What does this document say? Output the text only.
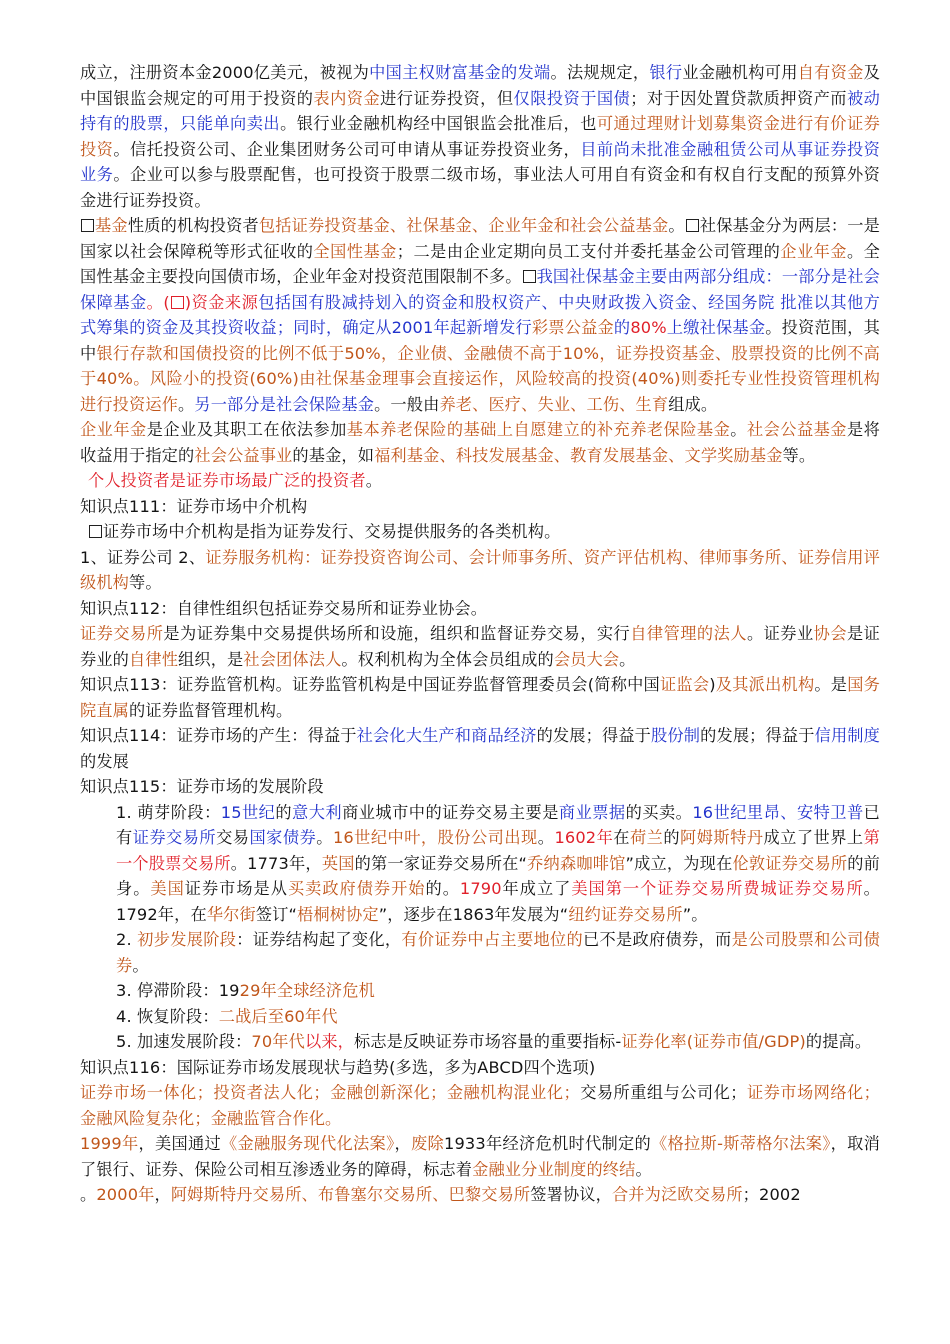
成立，注册资本金2000亿美元，被视为中国主权财富基金的发端。法规规定，银行业金融机构可用自有资金及中国银监会规定的可用于投资的表内资金进行证券投资，但仅限投资于国债；对于因处置贷款质押资产而被动持有的股票，只能单向卖出。银行业金融机构经中国银监会批准后，也可通过理财计划募集资金进行有价证券投资。信托投资公司、企业集团财务公司可申请从事证券投资业务，目前尚未批准金融租赁公司从事证券投资业务。企业可以参与股票配售，也可投资于股票二级市场，事业法人可用自有资金和有权自行支配的预算外资金进行证券投资。
基金性质的机构投资者包括证券投资基金、社保基金、企业年金和社会公益基金。 社保基金分为两层：一是国家以社会保障税等形式征收的全国性基金；二是由企业定期向员工支付并委托基金公司管理的企业年金。全国性基金主要投向国债市场，企业年金对投资范围限制不多。 我国社保基金主要由两部分组成：一部分是社会保障基金。( )资金来源包括国有股减持划入的资金和股权资产、中央财政拨入资金、经国务院 批准以其他方式筹集的资金及其投资收益；同时，确定从2001年起新增发行彩票公益金的80%上缴社保基金。投资范围，其中银行存款和国债投资的比例不低于50%，企业债、金融债不高于10%，证券投资基金、股票投资的比例不高于40%。风险小的投资(60%)由社保基金理事会直接运作，风险较高的投资(40%)则委托专业性投资管理机构进行投资运作。另一部分是社会保险基金。一般由养老、医疗、失业、工伤、生育组成。
企业年金是企业及其职工在依法参加基本养老保险的基础上自愿建立的补充养老保险基金。社会公益基金是将收益用于指定的社会公益事业的基金，如福利基金、科技发展基金、教育发展基金、文学奖励基金等。
个人投资者是证券市场最广泛的投资者。
知识点111：证券市场中介机构
证券市场中介机构是指为证券发行、交易提供服务的各类机构。
1、证券公司 2、证券服务机构：证券投资咨询公司、会计师事务所、资产评估机构、律师事务所、证券信用评级机构等。
知识点112：自律性组织包括证券交易所和证券业协会。
证券交易所是为证券集中交易提供场所和设施，组织和监督证券交易，实行自律管理的法人。证券业协会是证券业的自律性组织，是社会团体法人。权利机构为全体会员组成的会员大会。
知识点113：证券监管机构。证券监管机构是中国证券监督管理委员会(简称中国证监会)及其派出机构。是国务院直属的证券监督管理机构。
知识点114：证券市场的产生：得益于社会化大生产和商品经济的发展；得益于股份制的发展；得益于信用制度的发展
知识点115：证券市场的发展阶段
1. 萌芽阶段：15世纪的意大利商业城市中的证券交易主要是商业票据的买卖。16世纪里昂、安特卫普已有证券交易所交易国家债券。16世纪中叶，股份公司出现。1602年在荷兰的阿姆斯特丹成立了世界上第一个股票交易所。1773年，英国的第一家证券交易所在“乔纳森咖啡馆”成立，为现在伦敦证券交易所的前身。美国证券市场是从买卖政府债券开始的。1790年成立了美国第一个证券交易所费城证券交易所。1792年，在华尔街签订“梧桐树协定”，逐步在1863年发展为“纽约证券交易所”。
2. 初步发展阶段：证券结构起了变化，有价证券中占主要地位的已不是政府债券，而是公司股票和公司债券。
3. 停滞阶段：1929年全球经济危机
4. 恢复阶段：二战后至60年代
5. 加速发展阶段：70年代以来，标志是反映证券市场容量的重要指标-证券化率(证券市值/GDP)的提高。
知识点116：国际证券市场发展现状与趋势(多选，多为ABCD四个选项)
证券市场一体化；投资者法人化；金融创新深化；金融机构混业化；交易所重组与公司化；证券市场网络化；金融风险复杂化；金融监管合作化。
1999年，美国通过《金融服务现代化法案》，废除1933年经济危机时代制定的《格拉斯-斯蒂格尔法案》，取消了银行、证券、保险公司相互渗透业务的障碍，标志着金融业分业制度的终结。
。2000年，阿姆斯特丹交易所、布鲁塞尔交易所、巴黎交易所签署协议，合并为泛欧交易所；2002
